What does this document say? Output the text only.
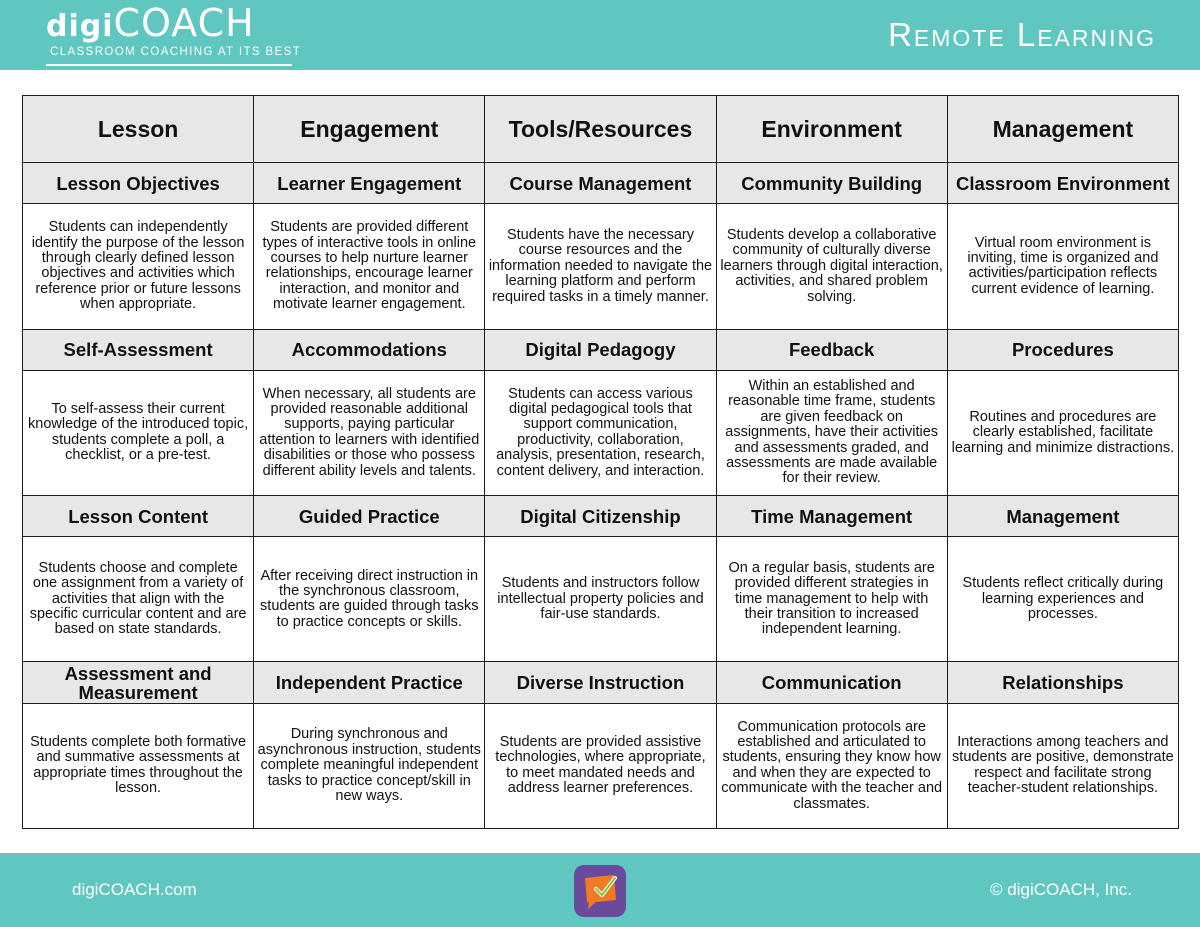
digiCOACH
CLASSROOM COACHING AT ITS BEST	Remote Learning
Lesson	Engagement	Tools/Resources	Environment	Management
Lesson Objectives	Learner Engagement	Course Management	Community Building	Classroom Environment
Students can independently identify the purpose of the lesson through clearly defined lesson objectives and activities which reference prior or future lessons when appropriate.	Students are provided different types of interactive tools in online courses to help nurture learner relationships, encourage learner interaction, and monitor and motivate learner engagement.	Students have the necessary course resources and the information needed to navigate the learning platform and perform required tasks in a timely manner.	Students develop a collaborative community of culturally diverse learners through digital interaction, activities, and shared problem solving.	Virtual room environment is inviting, time is organized and activities/participation reflects current evidence of learning.
Self-Assessment	Accommodations	Digital Pedagogy	Feedback	Procedures
To self-assess their current knowledge of the introduced topic, students complete a poll, a checklist, or a pre-test.	When necessary, all students are provided reasonable additional supports, paying particular attention to learners with identified disabilities or those who possess different ability levels and talents.	Students can access various digital pedagogical tools that support communication, productivity, collaboration, analysis, presentation, research, content delivery, and interaction.	Within an established and reasonable time frame, students are given feedback on assignments, have their activities and assessments graded, and assessments are made available for their review.	Routines and procedures are clearly established, facilitate learning and minimize distractions.
Lesson Content	Guided Practice	Digital Citizenship	Time Management	Management
Students choose and complete one assignment from a variety of activities that align with the specific curricular content and are based on state standards.	After receiving direct instruction in the synchronous classroom, students are guided through tasks to practice concepts or skills.	Students and instructors follow intellectual property policies and fair-use standards.	On a regular basis, students are provided different strategies in time management to help with their transition to increased independent learning.	Students reflect critically during learning experiences and processes.
Assessment and Measurement	Independent Practice	Diverse Instruction	Communication	Relationships
Students complete both formative and summative assessments at appropriate times throughout the lesson.	During synchronous and asynchronous instruction, students complete meaningful independent tasks to practice concept/skill in new ways.	Students are provided assistive technologies, where appropriate, to meet mandated needs and address learner preferences.	Communication protocols are established and articulated to students, ensuring they know how and when they are expected to communicate with the teacher and classmates.	Interactions among teachers and students are positive, demonstrate respect and facilitate strong teacher-student relationships.
digiCOACH.com	© digiCOACH, Inc.
